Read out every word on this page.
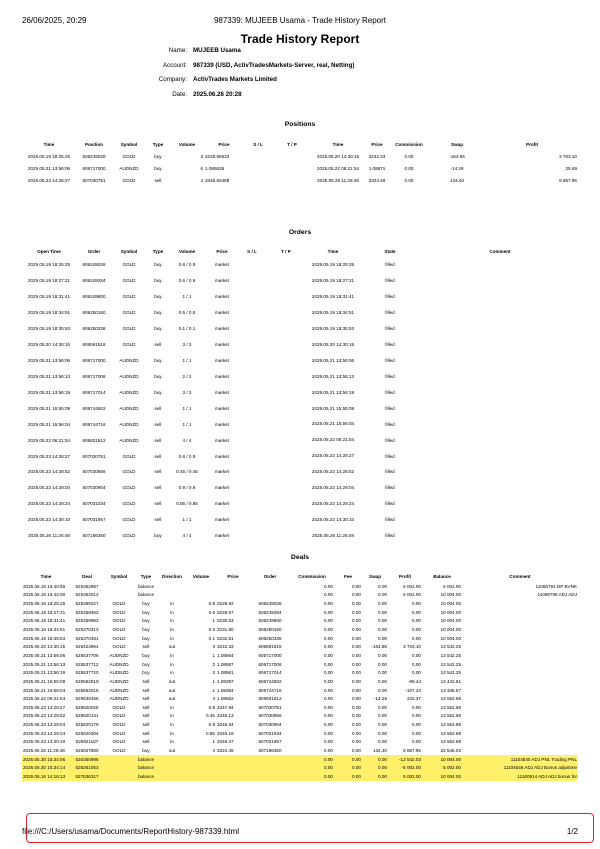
26/06/2025, 20:29	987339: MUJEEB Usama - Trade History Report
Trade History Report
Name: MUJEEB Usama
Account: 987339 (USD, ActivTradesMarkets-Server, real, Netting)
Company: ActivTrades Markets Limited
Date: 2025.06.26 20:28
Positions
Time	Position	Symbol	Type	Volume	Price	S / L	T / P	Time	Price	Commission	Swap	Profit
2025.05.19 18:25:25	606249028	GOLD	buy	3	3229.98633			2025.05.20 14:30:15	3242.33	0.00	-164.85	3 703.10
2025.05.21 13:56:06	606717000	AUDNZD	buy	6	1.085635			2025.05.22 06:21:54	1.08871	0.00	-14.26	25.69
2025.05.23 14:28:27	607030751	GOLD	sell	4	3346.63488			2025.05.26 11:26:48	3324.49	0.00	134.40	8 857.95
Orders
Open Time	Order	Symbol	Type	Volume	Price	S / L	T / P	Time	State	Comment
2025.05.19 18:25:25	606249028	GOLD	buy	0.8 / 0.8	market			2025.05.19 18:25:25	filled	
2025.05.19 18:27:21	606249284	GOLD	buy	0.6 / 0.6	market			2025.05.19 18:27:21	filled	
2025.05.19 18:31:41	606249800	GOLD	buy	1 / 1	market			2025.05.19 18:31:41	filled	
2025.05.19 18:34:51	606250160	GOLD	buy	0.5 / 0.5	market			2025.05.19 18:34:51	filled	
2025.05.19 18:35:53	606250336	GOLD	buy	0.1 / 0.1	market			2025.05.19 18:35:53	filled	
2025.05.20 14:30:15	606591816	GOLD	sell	3 / 3	market			2025.05.20 14:30:15	filled	
2025.05.21 13:56:06	606717000	AUDNZD	buy	1 / 1	market			2025.05.21 13:56:06	filled	
2025.05.21 13:56:13	606717006	AUDNZD	buy	2 / 2	market			2025.05.21 13:56:13	filled	
2025.05.21 13:56:19	606717014	AUDNZD	buy	3 / 3	market			2025.05.21 13:56:19	filled	
2025.05.21 15:55:09	606744502	AUDNZD	sell	1 / 1	market			2025.05.21 15:55:09	filled	
2025.05.21 15:56:04	606744716	AUDNZD	sell	1 / 1	market			2025.05.21 15:56:04	filled	
2025.05.22 06:21:54	606831612	AUDNZD	sell	4 / 4	market			2025.05.22 06:21:54	filled	
2025.05.23 14:28:27	607030751	GOLD	sell	0.8 / 0.8	market			2025.05.23 14:28:27	filled	
2025.05.23 14:28:52	607030856	GOLD	sell	0.45 / 0.45	market			2025.05.23 14:28:52	filled	
2025.05.23 14:29:04	607030904	GOLD	sell	0.9 / 0.9	market			2025.05.23 14:29:04	filled	
2025.05.23 14:29:24	607031034	GOLD	sell	0.85 / 0.85	market			2025.05.23 14:29:24	filled	
2025.05.23 14:30:10	607031957	GOLD	sell	1 / 1	market			2025.05.23 14:30:10	filled	
2025.05.26 11:26:48	607186350	GOLD	buy	4 / 4	market			2025.05.26 11:26:48	filled	
Deals
Time	Deal	Symbol	Type	Direction	Volume	Price	Order	Commission	Fee	Swap	Profit	Balance	Comment
2025.05.19 16:40:56	525352887		balance					0.00	0.00	0.00	5 002.00	5 002.00	11066794 DP BVNK
2025.05.19 16:42:00	525353012		balance					0.00	0.00	0.00	5 002.00	10 004.00	11066798 ADJ ADJ
2025.05.19 18:25:25	525369227	GOLD	buy	in	0.8	3228.92	606249028	0.00	0.00	0.00	0.00	10 004.00	
2025.05.19 18:27:21	525369462	GOLD	buy	in	0.6	3228.57	606249284	0.00	0.00	0.00	0.00	10 004.00	
2025.05.19 18:31:41	525369953	GOLD	buy	in	1	3230.53	606249800	0.00	0.00	0.00	0.00	10 004.00	
2025.05.19 18:34:51	525370313	GOLD	buy	in	0.5	3231.80	606250160	0.00	0.00	0.00	0.00	10 004.00	
2025.05.19 18:35:53	525370481	GOLD	buy	in	0.1	3232.51	606250336	0.00	0.00	0.00	0.00	10 004.00	
2025.05.20 14:30:15	525424964	GOLD	sell	out	3	3242.33	606591816	0.00	0.00	-164.85	3 703.10	13 542.25	
2025.05.21 13:56:06	525537706	AUDNZD	buy	in	1	1.08564	606717000	0.00	0.00	0.00	0.00	13 542.25	
2025.05.21 13:56:13	525537712	AUDNZD	buy	in	2	1.08567	606717006	0.00	0.00	0.00	0.00	13 542.25	
2025.05.21 13:56:19	525537720	AUDNZD	buy	in	3	1.08561	606717014	0.00	0.00	0.00	0.00	13 542.25	
2025.05.21 15:55:09	525562819	AUDNZD	sell	out	1	1.08397	606744502	0.00	0.00	0.00	-99.44	13 442.81	
2025.05.21 15:56:04	525563018	AUDNZD	sell	out	1	1.08384	606744716	0.00	0.00	0.00	-107.24	13 335.57	
2025.05.22 06:21:54	525639166	AUDNZD	sell	out	4	1.08662	606831612	0.00	0.00	-14.26	232.37	13 553.68	
2025.05.23 14:28:27	525820028	GOLD	sell	in	0.8	3347.94	607030751	0.00	0.00	0.00	0.00	13 553.68	
2025.05.23 14:28:52	525820131	GOLD	sell	in	0.45	3346.13	607030856	0.00	0.00	0.00	0.00	13 553.68	
2025.05.23 14:29:04	525820179	GOLD	sell	in	0.9	3346.34	607030904	0.00	0.00	0.00	0.00	13 553.68	
2025.05.23 14:29:24	525820304	GOLD	sell	in	0.85	3346.18	607031034	0.00	0.00	0.00	0.00	13 553.68	
2025.05.23 14:30:10	525821167	GOLD	sell	in	1	3346.47	607031957	0.00	0.00	0.00	0.00	13 553.68	
2025.05.26 11:26:48	525927880	GOLD	buy	out	4	3324.49	607186350	0.00	0.00	134.40	8 857.95	22 546.03	
2025.05.30 15:34:06	526350986		balance					0.00	0.00	0.00	-12 542.03	10 004.00	11104540 ADJ PNL Trading PNL
2025.05.30 15:34:14	526351053		balance					0.00	0.00	0.00	-5 002.00	5 002.00	11104549 ADJ ADJ Bonus adjustme
2025.06.16 14:16:13	527636317		balance					0.00	0.00	0.00	5 002.00	10 004.00	11160914 ADJ ADJ bonus for
file:///C:/Users/usama/Documents/ReportHistory-987339.html	1/2
